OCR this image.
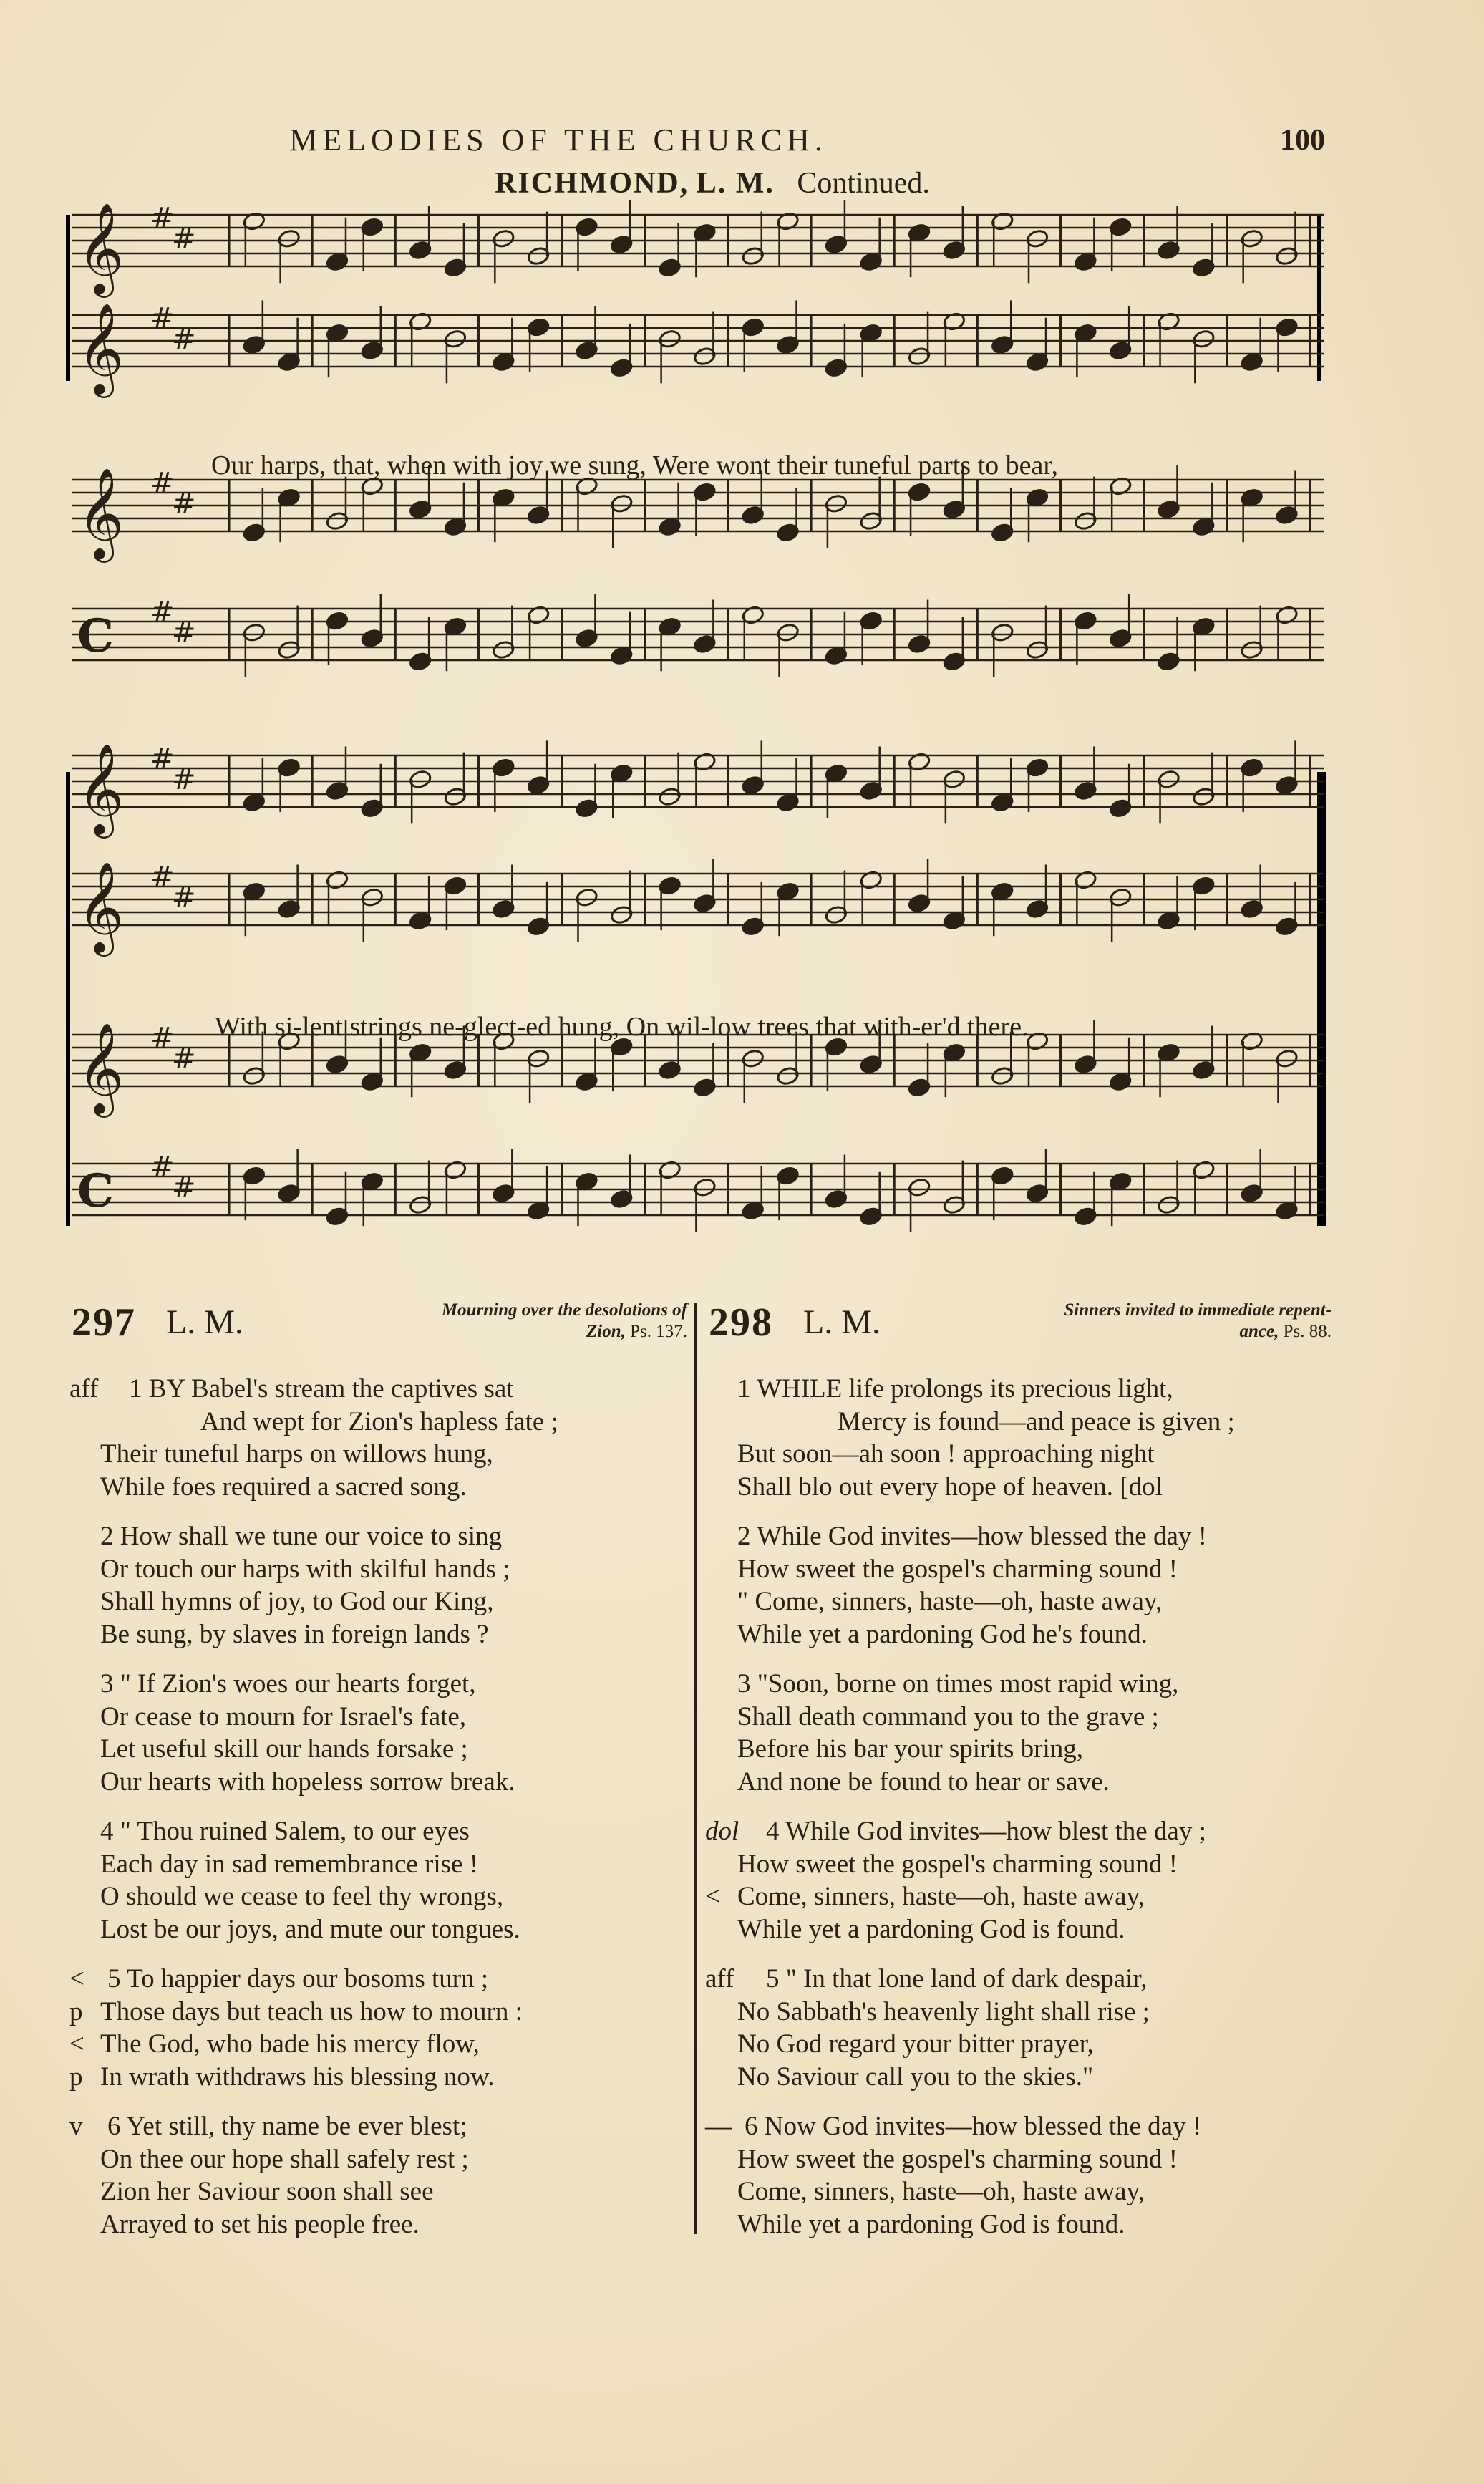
MELODIES OF THE CHURCH.	100
RICHMOND, L. M. Continued.
𝄞 #
#
𝄞 #
#
𝄞 #
#
C #
#
𝄞 #
#
𝄞 #
#
𝄞 #
#
C #
#
Our harps, that, when with joy we sung, Were wont their tuneful parts to bear,
With si-lent strings ne-glect-ed hung, On wil-low trees that with-er'd there.
297 L. M.	Mourning over the desolations of
Zion, Ps. 137. 298 L. M.	Sinners invited to immediate repent-
ance, Ps. 88.
aff 1 BY Babel's stream the captives sat
And wept for Zion's hapless fate ;
Their tuneful harps on willows hung,
While foes required a sacred song.
2 How shall we tune our voice to sing
Or touch our harps with skilful hands ;
Shall hymns of joy, to God our King,
Be sung, by slaves in foreign lands ?
3 " If Zion's woes our hearts forget,
Or cease to mourn for Israel's fate,
Let useful skill our hands forsake ;
Our hearts with hopeless sorrow break.
4 " Thou ruined Salem, to our eyes
Each day in sad remembrance rise !
O should we cease to feel thy wrongs,
Lost be our joys, and mute our tongues.
< 5 To happier days our bosoms turn ;
p Those days but teach us how to mourn :
< The God, who bade his mercy flow,
p In wrath withdraws his blessing now.
v 6 Yet still, thy name be ever blest;
On thee our hope shall safely rest ;
Zion her Saviour soon shall see
Arrayed to set his people free.
1 WHILE life prolongs its precious light,
Mercy is found—and peace is given ;
But soon—ah soon ! approaching night
Shall blo out every hope of heaven. [dol
2 While God invites—how blessed the day !
How sweet the gospel's charming sound !
" Come, sinners, haste—oh, haste away,
While yet a pardoning God he's found.
3 "Soon, borne on times most rapid wing,
Shall death command you to the grave ;
Before his bar your spirits bring,
And none be found to hear or save.
dol 4 While God invites—how blest the day ;
How sweet the gospel's charming sound !
< Come, sinners, haste—oh, haste away,
While yet a pardoning God is found.
aff 5 " In that lone land of dark despair,
No Sabbath's heavenly light shall rise ;
No God regard your bitter prayer,
No Saviour call you to the skies."
— 6 Now God invites—how blessed the day !
How sweet the gospel's charming sound !
Come, sinners, haste—oh, haste away,
While yet a pardoning God is found.
